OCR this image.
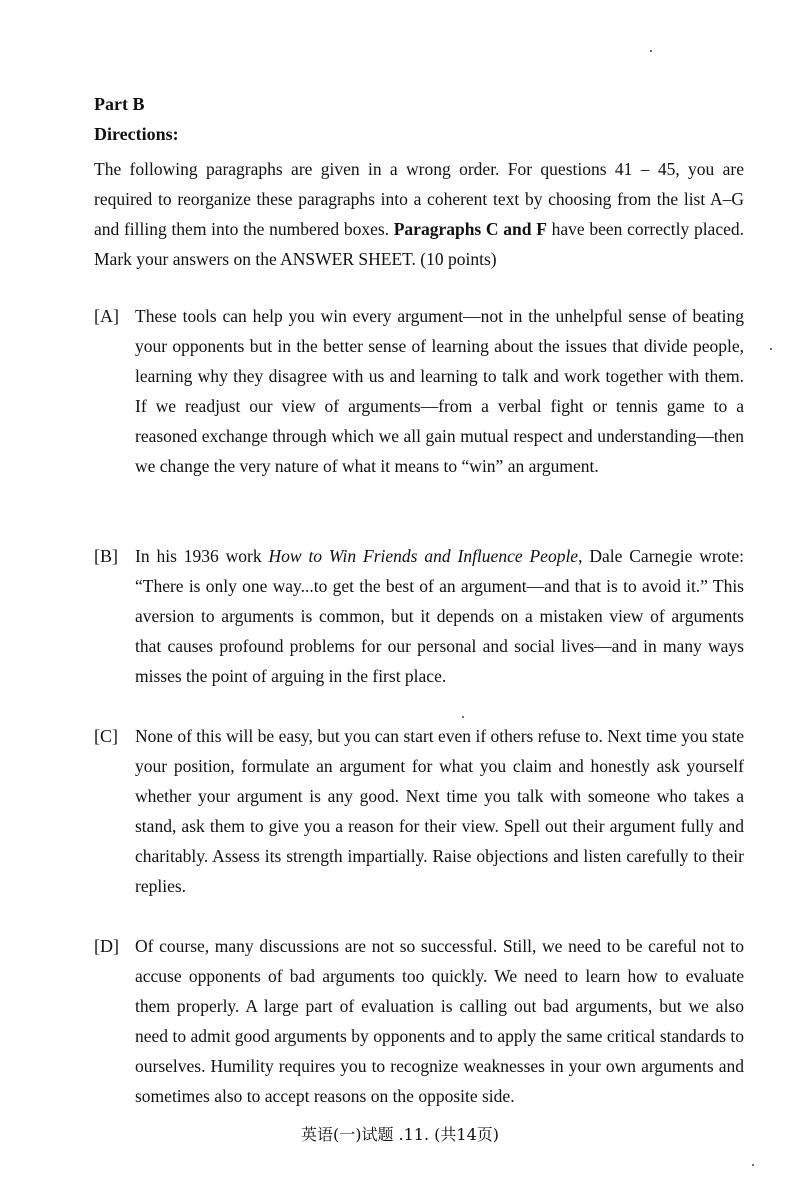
Part B
Directions:
The following paragraphs are given in a wrong order. For questions 41 – 45, you are required to reorganize these paragraphs into a coherent text by choosing from the list A–G and filling them into the numbered boxes. Paragraphs C and F have been correctly placed. Mark your answers on the ANSWER SHEET. (10 points)
[A] These tools can help you win every argument—not in the unhelpful sense of beating your opponents but in the better sense of learning about the issues that divide people, learning why they disagree with us and learning to talk and work together with them. If we readjust our view of arguments—from a verbal fight or tennis game to a reasoned exchange through which we all gain mutual respect and understanding—then we change the very nature of what it means to “win” an argument.
[B] In his 1936 work How to Win Friends and Influence People, Dale Carnegie wrote: “There is only one way...to get the best of an argument—and that is to avoid it.” This aversion to arguments is common, but it depends on a mistaken view of arguments that causes profound problems for our personal and social lives—and in many ways misses the point of arguing in the first place.
[C] None of this will be easy, but you can start even if others refuse to. Next time you state your position, formulate an argument for what you claim and honestly ask yourself whether your argument is any good. Next time you talk with someone who takes a stand, ask them to give you a reason for their view. Spell out their argument fully and charitably. Assess its strength impartially. Raise objections and listen carefully to their replies.
[D] Of course, many discussions are not so successful. Still, we need to be careful not to accuse opponents of bad arguments too quickly. We need to learn how to evaluate them properly. A large part of evaluation is calling out bad arguments, but we also need to admit good arguments by opponents and to apply the same critical standards to ourselves. Humility requires you to recognize weaknesses in your own arguments and sometimes also to accept reasons on the opposite side.
英语(一)试题 .11. (共14页)
